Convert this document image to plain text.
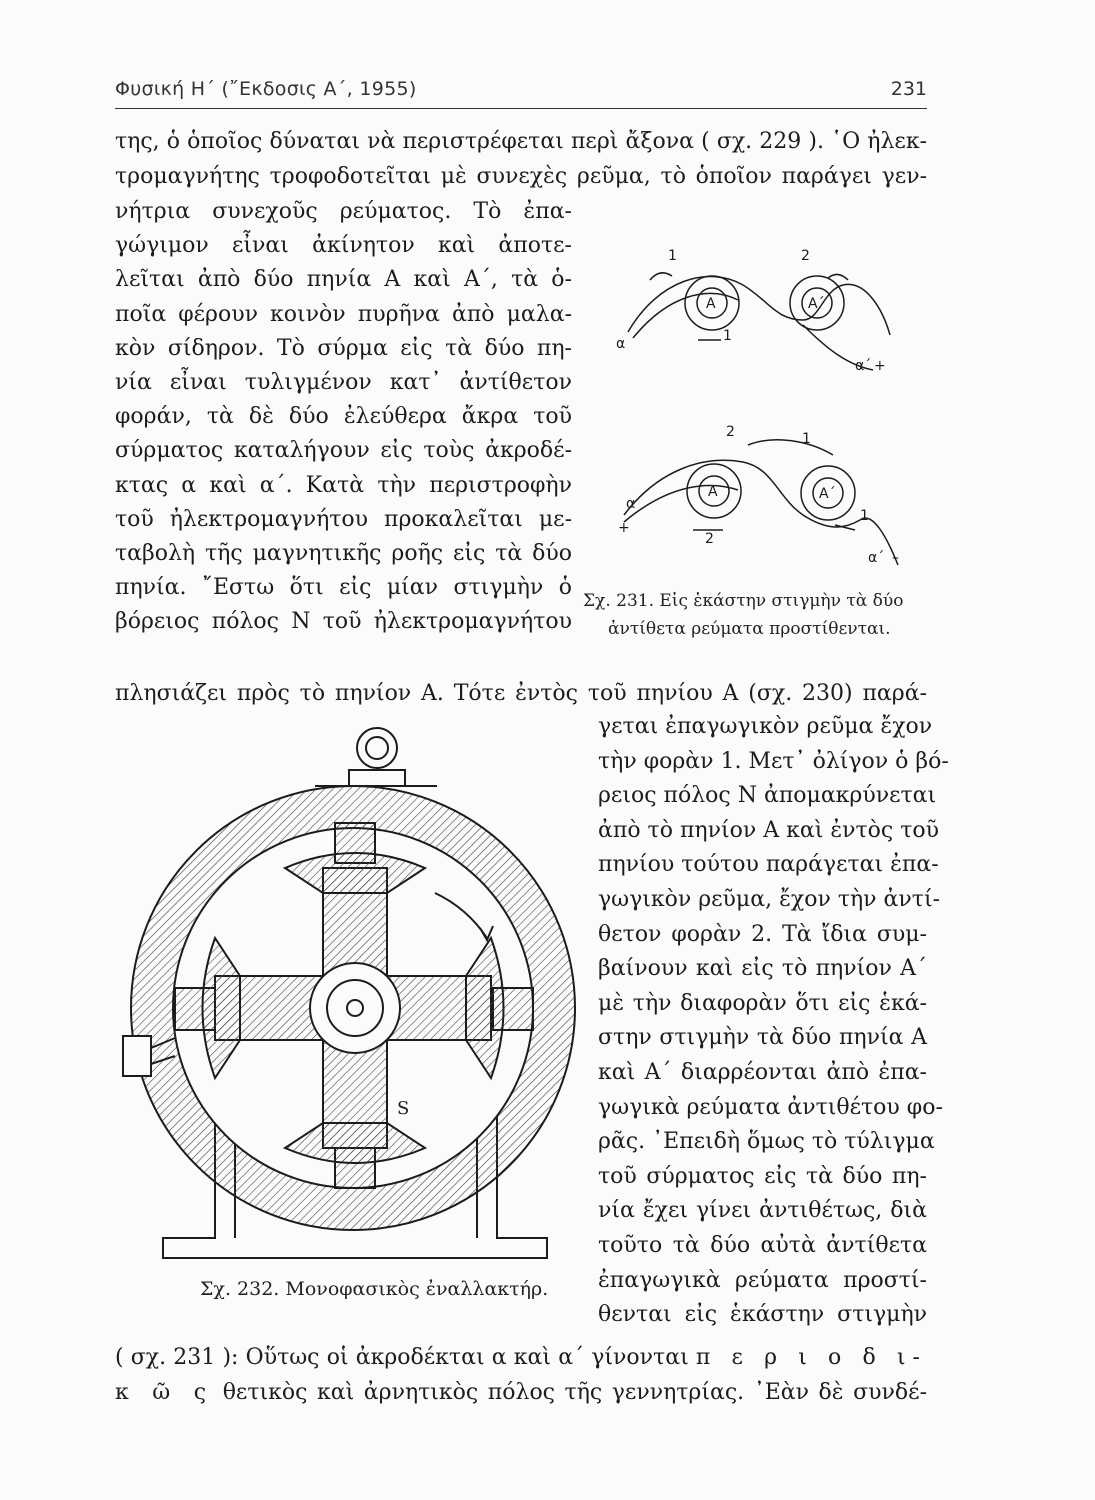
Φυσική Η΄ (῎Εκδοσις Α΄, 1955)	231
της, ὁ ὁποῖος δύναται νὰ περιστρέφεται περὶ ἄξονα ( σχ. 229 ). ῾Ο ἠλεκ-
τρομαγνήτης τροφοδοτεῖται μὲ συνεχὲς ρεῦμα, τὸ ὁποῖον παράγει γεν-
νήτρια συνεχοῦς ρεύματος. Τὸ ἐπα-
γώγιμον εἶναι ἀκίνητον καὶ ἀποτε-
λεῖται ἀπὸ δύο πηνία Α καὶ Α΄, τὰ ὁ-
ποῖα φέρουν κοινὸν πυρῆνα ἀπὸ μαλα-
κὸν σίδηρον. Τὸ σύρμα εἰς τὰ δύο πη-
νία εἶναι τυλιγμένον κατ᾽ ἀντίθετον
φοράν, τὰ δὲ δύο ἐλεύθερα ἄκρα τοῦ
σύρματος καταλήγουν εἰς τοὺς ἀκροδέ-
κτας α καὶ α΄. Κατὰ τὴν περιστροφὴν
τοῦ ἠλεκτρομαγνήτου προκαλεῖται με-
ταβολὴ τῆς μαγνητικῆς ροῆς εἰς τὰ δύο
πηνία. ῎Εστω ὅτι εἰς μίαν στιγμὴν ὁ
βόρειος πόλος Ν τοῦ ἠλεκτρομαγνήτου
πλησιάζει πρὸς τὸ πηνίον Α. Τότε ἐντὸς τοῦ πηνίου Α (σχ. 230) παρά-
Α	Α΄
1	2
1
α
α΄ +
Α	Α΄
2	1
2
1
α
+
α΄ –
Σχ. 231. Εἰς ἑκάστην στιγμὴν τὰ δύο
ἀντίθετα ρεύματα προστίθενται.
S
Σχ. 232. Μονοφασικὸς ἐναλλακτήρ.
γεται ἐπαγωγικὸν ρεῦμα ἔχον
τὴν φορὰν 1. Μετ᾽ ὀλίγον ὁ βό-
ρειος πόλος Ν ἀπομακρύνεται
ἀπὸ τὸ πηνίον Α καὶ ἐντὸς τοῦ
πηνίου τούτου παράγεται ἐπα-
γωγικὸν ρεῦμα, ἔχον τὴν ἀντί-
θετον φορὰν 2. Τὰ ἴδια συμ-
βαίνουν καὶ εἰς τὸ πηνίον Α΄
μὲ τὴν διαφορὰν ὅτι εἰς ἑκά-
στην στιγμὴν τὰ δύο πηνία Α
καὶ Α΄ διαρρέονται ἀπὸ ἐπα-
γωγικὰ ρεύματα ἀντιθέτου φο-
ρᾶς. ᾽Επειδὴ ὅμως τὸ τύλιγμα
τοῦ σύρματος εἰς τὰ δύο πη-
νία ἔχει γίνει ἀντιθέτως, διὰ
τοῦτο τὰ δύο αὐτὰ ἀντίθετα
ἐπαγωγικὰ ρεύματα προστί-
θενται εἰς ἑκάστην στιγμὴν
( σχ. 231 ): Οὕτως οἱ ἀκροδέκται α καὶ α΄ γίνονται π ε ρ ι ο δ ι-
κ ῶ ς θετικὸς καὶ ἀρνητικὸς πόλος τῆς γεννητρίας. ᾽Εὰν δὲ συνδέ-
